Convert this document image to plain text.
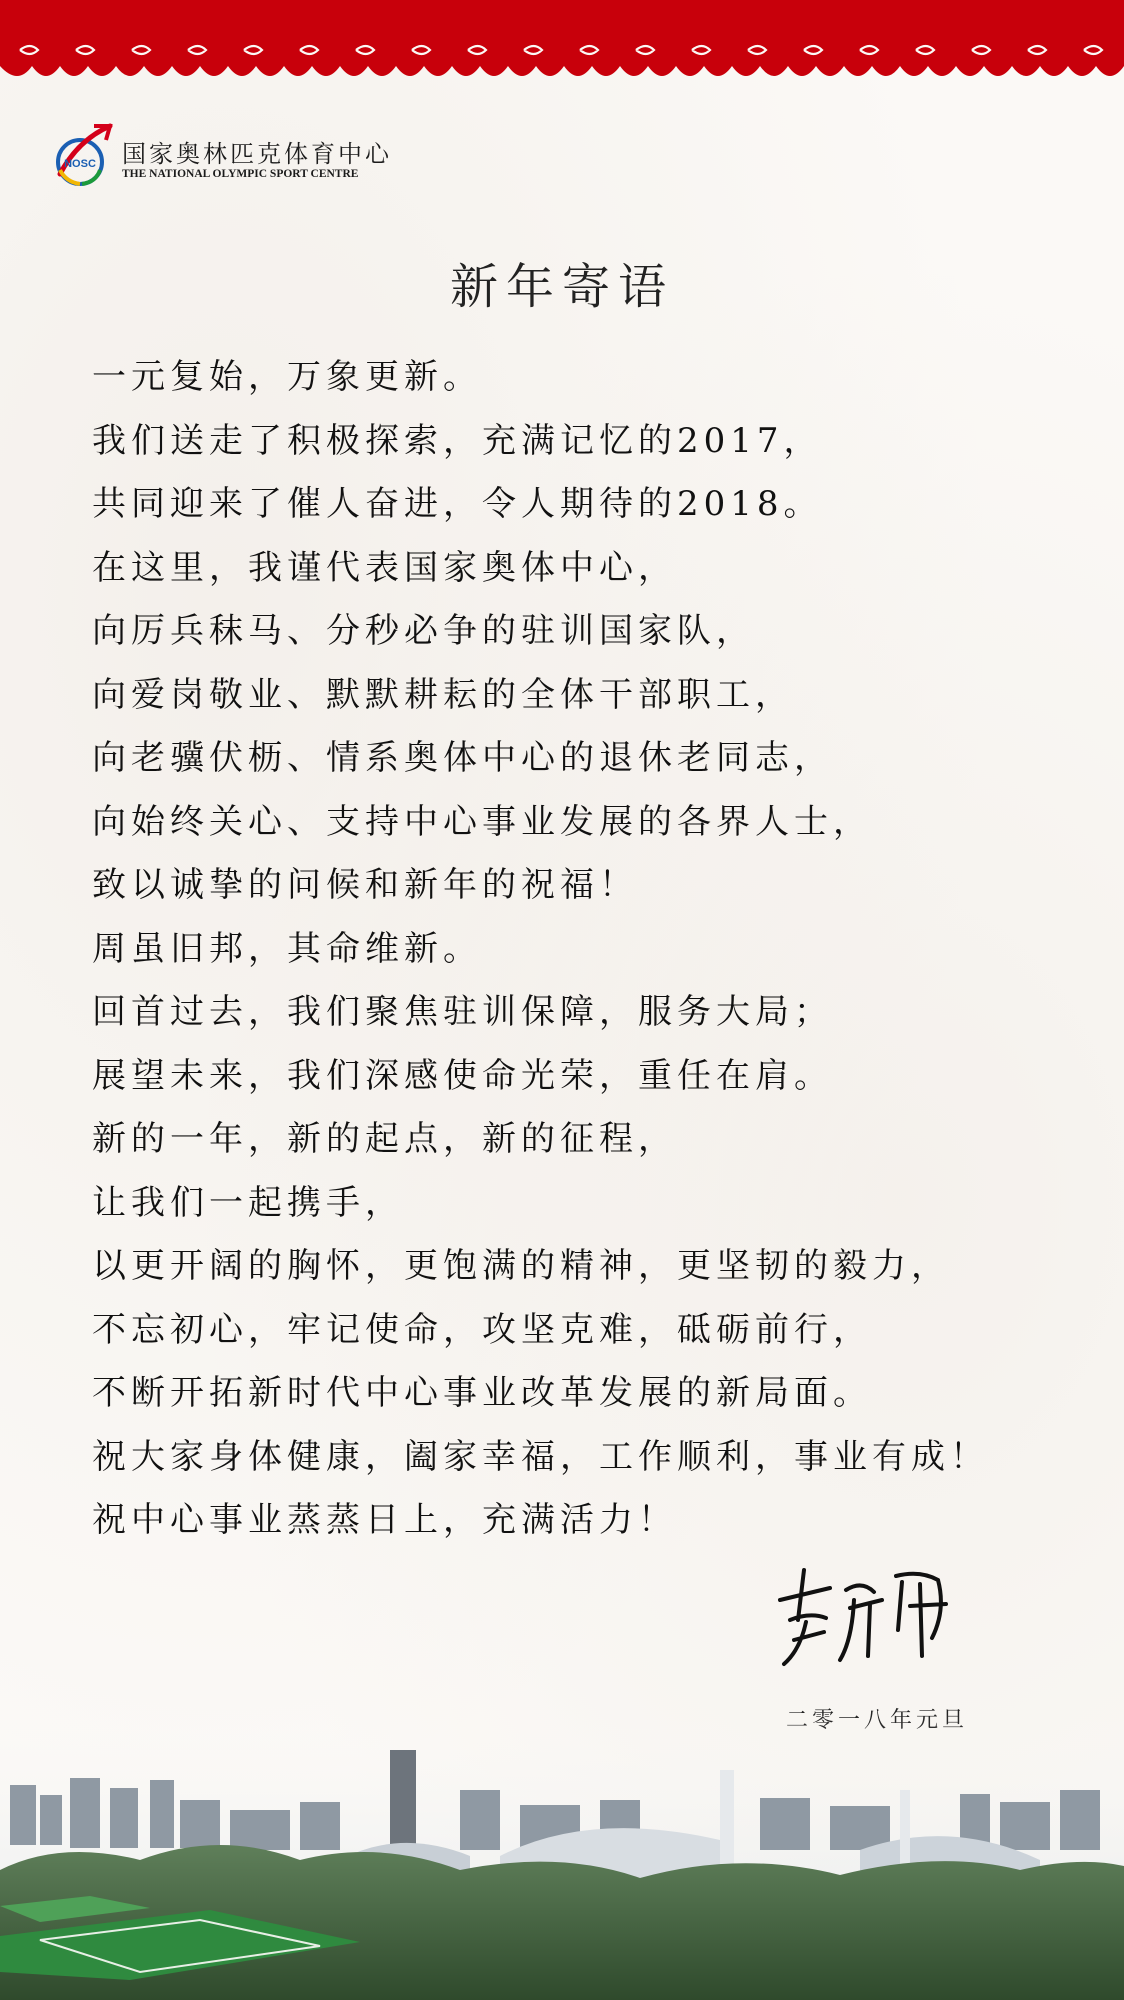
NOSC 国家奥林匹克体育中心
THE NATIONAL OLYMPIC SPORT CENTRE
新年寄语
一元复始，万象更新。
我们送走了积极探索，充满记忆的2017，
共同迎来了催人奋进，令人期待的2018。
在这里，我谨代表国家奥体中心，
向厉兵秣马、分秒必争的驻训国家队，
向爱岗敬业、默默耕耘的全体干部职工，
向老骥伏枥、情系奥体中心的退休老同志，
向始终关心、支持中心事业发展的各界人士，
致以诚挚的问候和新年的祝福！
周虽旧邦，其命维新。
回首过去，我们聚焦驻训保障，服务大局；
展望未来，我们深感使命光荣，重任在肩。
新的一年，新的起点，新的征程，
让我们一起携手，
以更开阔的胸怀，更饱满的精神，更坚韧的毅力，
不忘初心，牢记使命，攻坚克难，砥砺前行，
不断开拓新时代中心事业改革发展的新局面。
祝大家身体健康，阖家幸福，工作顺利，事业有成！
祝中心事业蒸蒸日上，充满活力！
